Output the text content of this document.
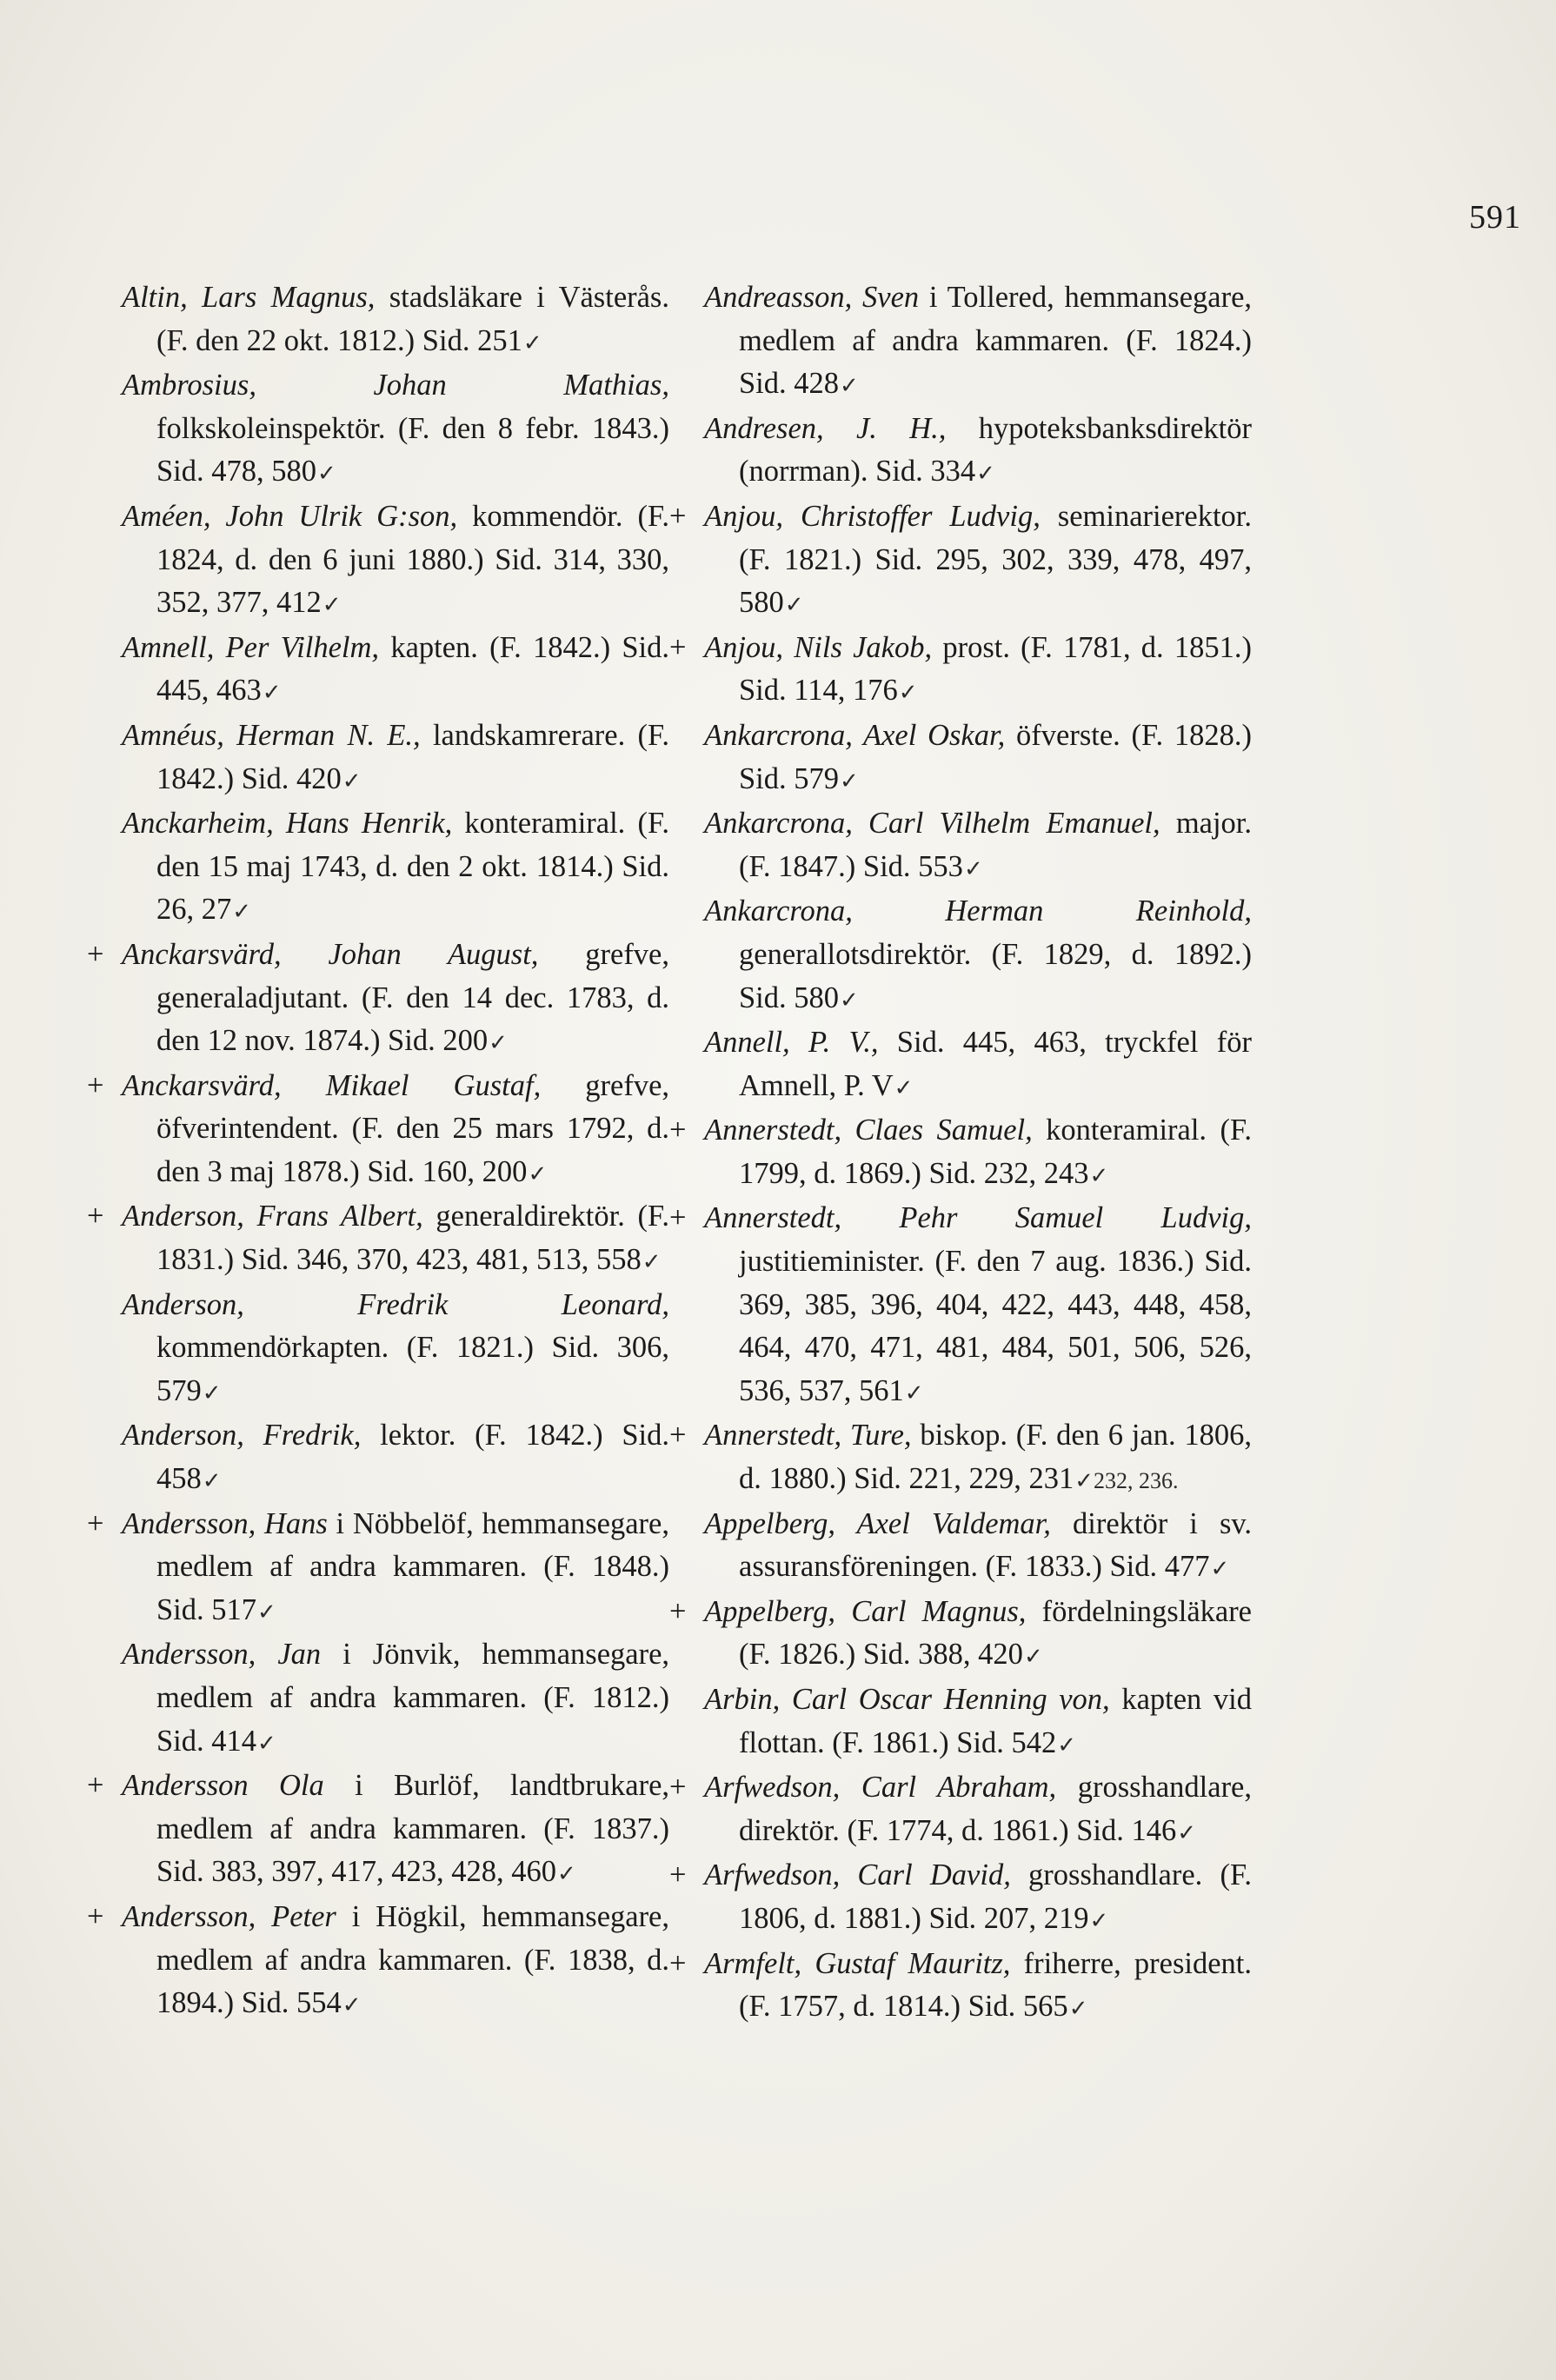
591

Altin, Lars Magnus, stadsläkare i Västerås. (F. den 22 okt. 1812.) Sid. 251✓

Ambrosius, Johan Mathias, folkskoleinspektör. (F. den 8 febr. 1843.) Sid. 478, 580✓

Améen, John Ulrik G:son, kommendör. (F. 1824, d. den 6 juni 1880.) Sid. 314, 330, 352, 377, 412✓

Amnell, Per Vilhelm, kapten. (F. 1842.) Sid. 445, 463✓

Amnéus, Herman N. E., landskamrerare. (F. 1842.) Sid. 420✓

Anckarheim, Hans Henrik, konteramiral. (F. den 15 maj 1743, d. den 2 okt. 1814.) Sid. 26, 27✓

+ Anckarsvärd, Johan August, grefve, generaladjutant. (F. den 14 dec. 1783, d. den 12 nov. 1874.) Sid. 200✓

+ Anckarsvärd, Mikael Gustaf, grefve, öfverintendent. (F. den 25 mars 1792, d. den 3 maj 1878.) Sid. 160, 200✓

+ Anderson, Frans Albert, generaldirektör. (F. 1831.) Sid. 346, 370, 423, 481, 513, 558✓

Anderson, Fredrik Leonard, kommendörkapten. (F. 1821.) Sid. 306, 579✓

Anderson, Fredrik, lektor. (F. 1842.) Sid. 458✓

+ Andersson, Hans i Nöbbelöf, hemmansegare, medlem af andra kammaren. (F. 1848.) Sid. 517✓

Andersson, Jan i Jönvik, hemmansegare, medlem af andra kammaren. (F. 1812.) Sid. 414✓

+ Andersson Ola i Burlöf, landtbrukare, medlem af andra kammaren. (F. 1837.) Sid. 383, 397, 417, 423, 428, 460✓

+ Andersson, Peter i Högkil, hemmansegare, medlem af andra kammaren. (F. 1838, d. 1894.) Sid. 554✓

Andreasson, Sven i Tollered, hemmansegare, medlem af andra kammaren. (F. 1824.) Sid. 428✓

Andresen, J. H., hypoteksbanksdirektör (norrman). Sid. 334✓

+ Anjou, Christoffer Ludvig, seminarierektor. (F. 1821.) Sid. 295, 302, 339, 478, 497, 580✓

+ Anjou, Nils Jakob, prost. (F. 1781, d. 1851.) Sid. 114, 176✓

Ankarcrona, Axel Oskar, öfverste. (F. 1828.) Sid. 579✓

Ankarcrona, Carl Vilhelm Emanuel, major. (F. 1847.) Sid. 553✓

Ankarcrona, Herman Reinhold, generallotsdirektör. (F. 1829, d. 1892.) Sid. 580✓

Annell, P. V., Sid. 445, 463, tryckfel för Amnell, P. V✓

+ Annerstedt, Claes Samuel, konteramiral. (F. 1799, d. 1869.) Sid. 232, 243✓

+ Annerstedt, Pehr Samuel Ludvig, justitieminister. (F. den 7 aug. 1836.) Sid. 369, 385, 396, 404, 422, 443, 448, 458, 464, 470, 471, 481, 484, 501, 506, 526, 536, 537, 561✓

+ Annerstedt, Ture, biskop. (F. den 6 jan. 1806, d. 1880.) Sid. 221, 229, 231✓232, 236.

Appelberg, Axel Valdemar, direktör i sv. assuransföreningen. (F. 1833.) Sid. 477✓

+ Appelberg, Carl Magnus, fördelningsläkare (F. 1826.) Sid. 388, 420✓

Arbin, Carl Oscar Henning von, kapten vid flottan. (F. 1861.) Sid. 542✓

+ Arfwedson, Carl Abraham, grosshandlare, direktör. (F. 1774, d. 1861.) Sid. 146✓

+ Arfwedson, Carl David, grosshandlare. (F. 1806, d. 1881.) Sid. 207, 219✓

+ Armfelt, Gustaf Mauritz, friherre, president. (F. 1757, d. 1814.) Sid. 565✓
